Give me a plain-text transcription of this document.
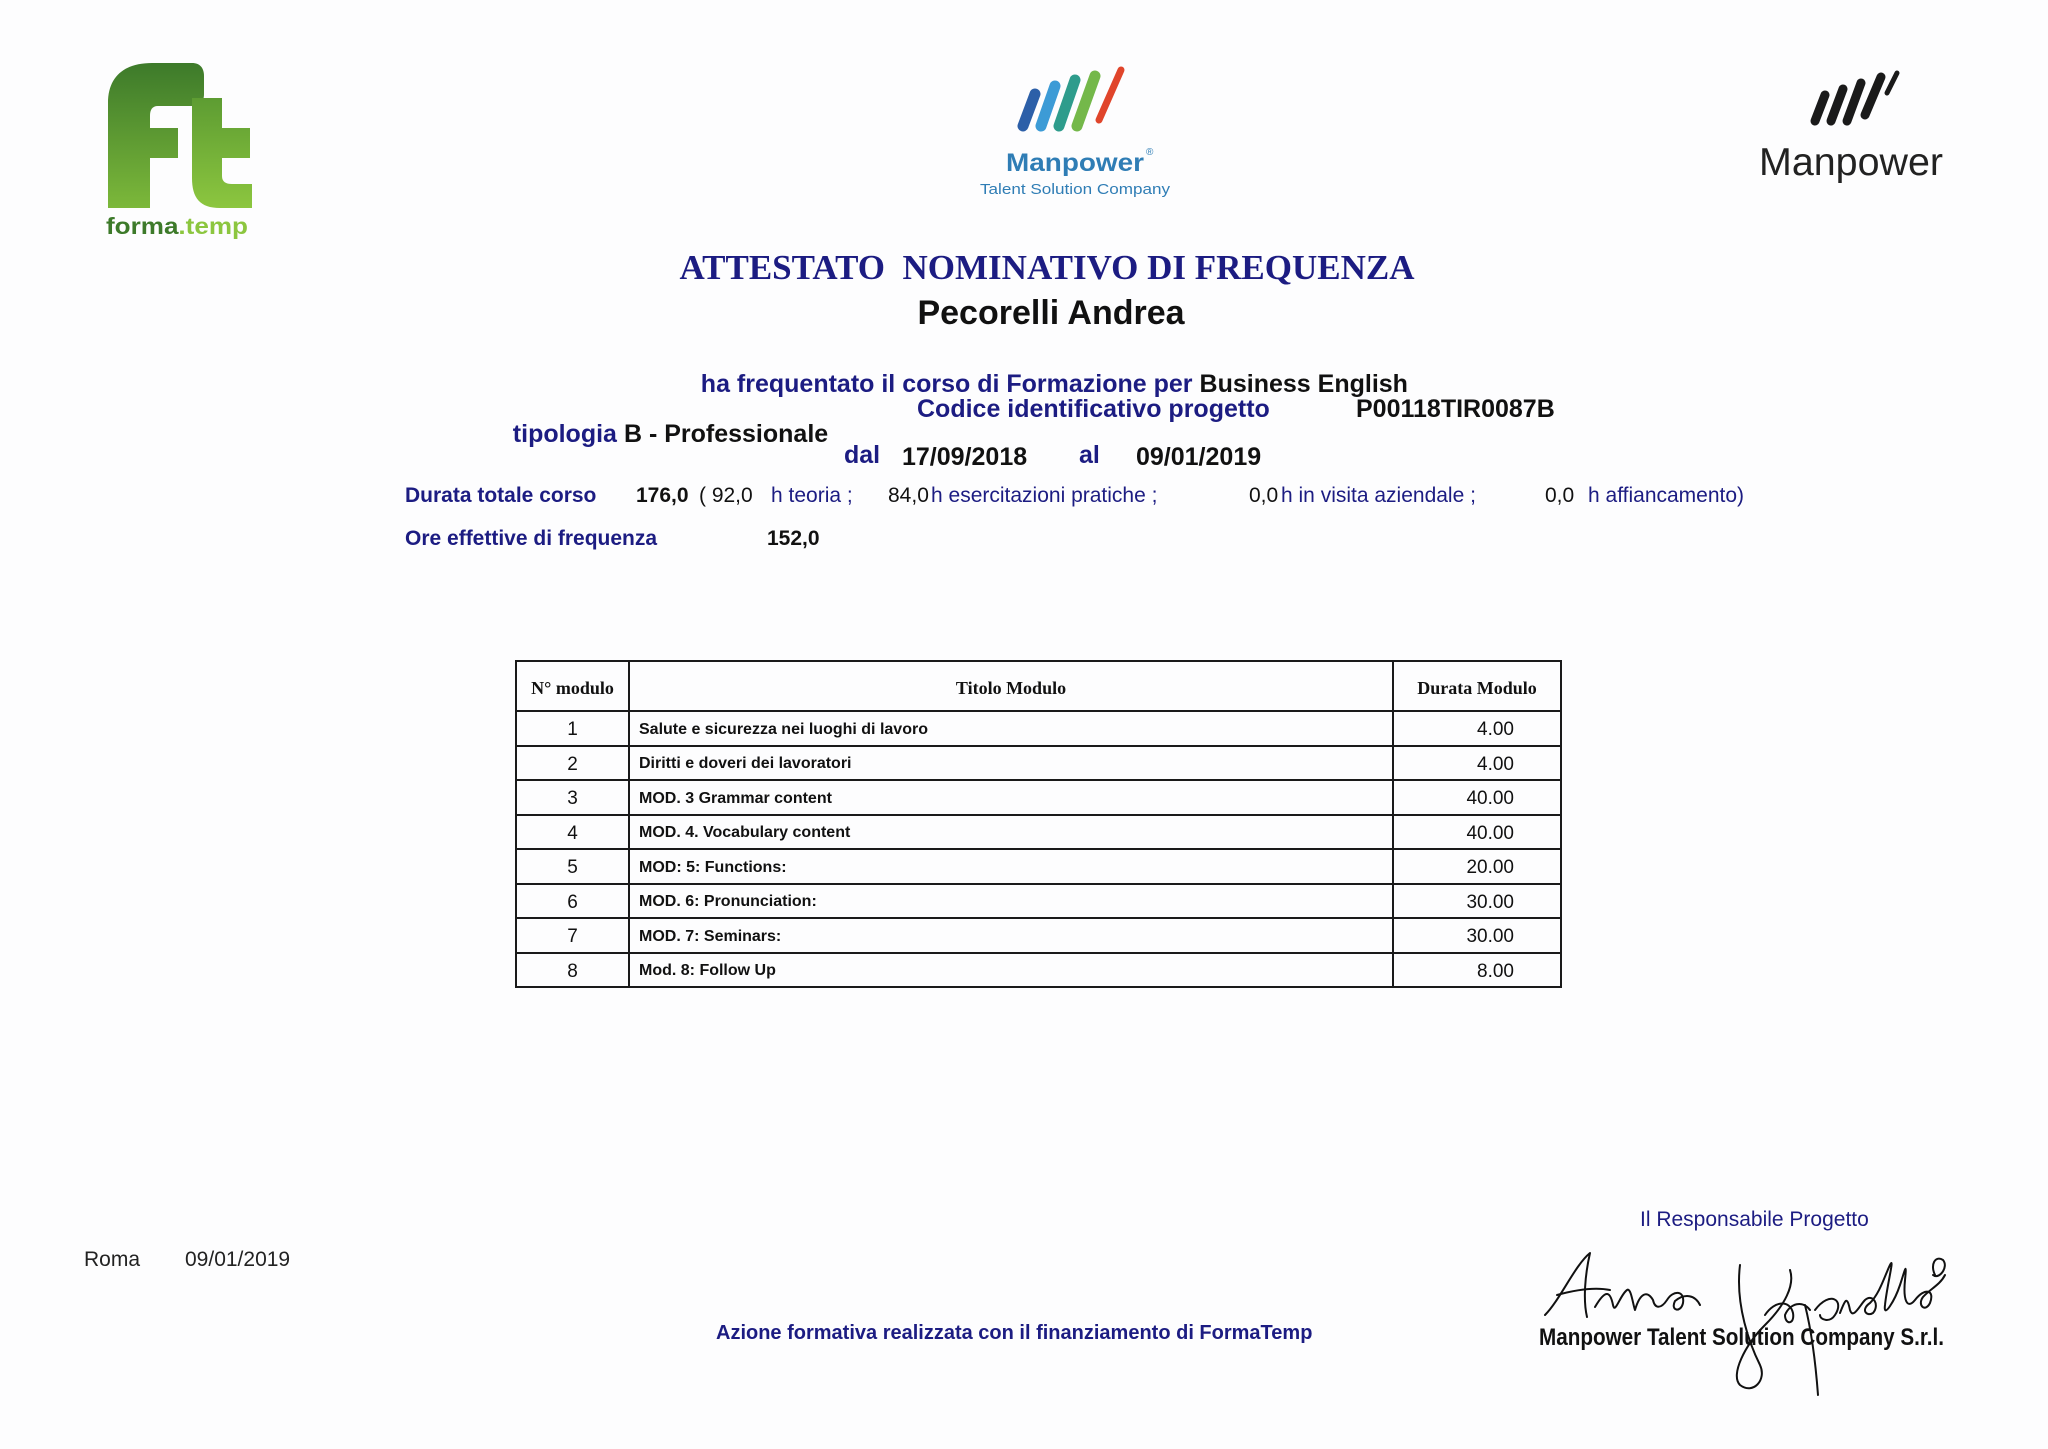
forma .temp
Manpower ®
Talent Solution Company
Manpower
ATTESTATO  NOMINATIVO DI FREQUENZA
Pecorelli Andrea

ha frequentato il corso di Formazione per Business English

tipologia B - Professionale

Codice identificativo progetto	P00118TIR0087B
dal 17/09/2018 al 09/01/2019
Durata totale corso 176,0 ( 92,0 h teoria ; 84,0 h esercitazioni pratiche ;	0,0 h in visita aziendale ;	0,0 h affiancamento)
Ore effettive di frequenza	152,0
N° modulo	Titolo Modulo	Durata Modulo
1	Salute e sicurezza nei luoghi di lavoro	4.00
2	Diritti e doveri dei lavoratori	4.00
3	MOD. 3 Grammar content	40.00
4	MOD. 4. Vocabulary content	40.00
5	MOD: 5: Functions:	20.00
6	MOD. 6: Pronunciation:	30.00
7	MOD. 7: Seminars:	30.00
8	Mod. 8: Follow Up	8.00
Il Responsabile Progetto
Roma 09/01/2019
Azione formativa realizzata con il finanziamento di FormaTemp	Manpower Talent Solution Company S.r.l.
